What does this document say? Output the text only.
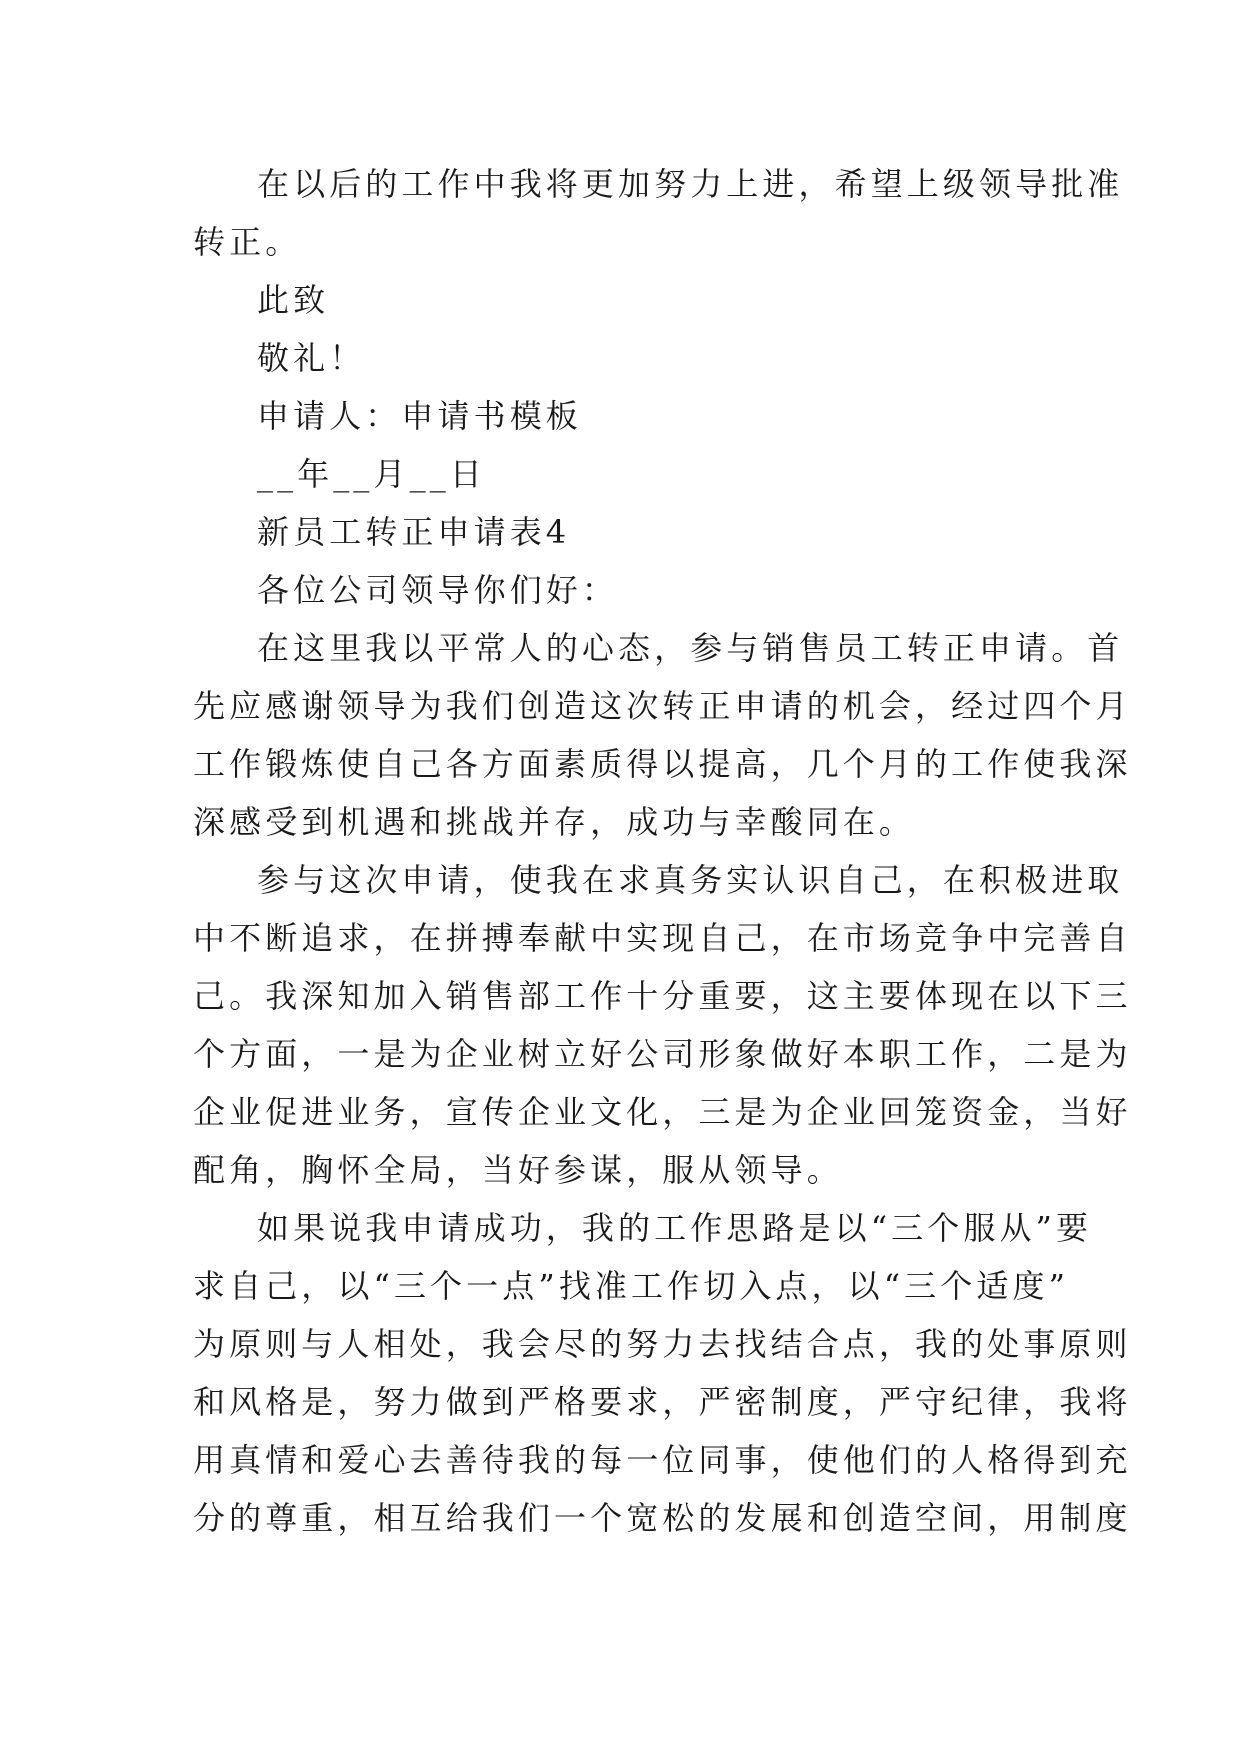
在以后的工作中我将更加努力上进，希望上级领导批准
转正。
此致
敬礼！
申请人：申请书模板
__年__月__日
新员工转正申请表4
各位公司领导你们好：
在这里我以平常人的心态，参与销售员工转正申请。首
先应感谢领导为我们创造这次转正申请的机会，经过四个月
工作锻炼使自己各方面素质得以提高，几个月的工作使我深
深感受到机遇和挑战并存，成功与幸酸同在。
参与这次申请，使我在求真务实认识自己，在积极进取
中不断追求，在拼搏奉献中实现自己，在市场竞争中完善自
己。我深知加入销售部工作十分重要，这主要体现在以下三
个方面，一是为企业树立好公司形象做好本职工作，二是为
企业促进业务，宣传企业文化，三是为企业回笼资金，当好
配角，胸怀全局，当好参谋，服从领导。
如果说我申请成功，我的工作思路是以“三个服从”要
求自己，以“三个一点”找准工作切入点，以“三个适度”
为原则与人相处，我会尽的努力去找结合点，我的处事原则
和风格是，努力做到严格要求，严密制度，严守纪律，我将
用真情和爱心去善待我的每一位同事，使他们的人格得到充
分的尊重，相互给我们一个宽松的发展和创造空间，用制度
